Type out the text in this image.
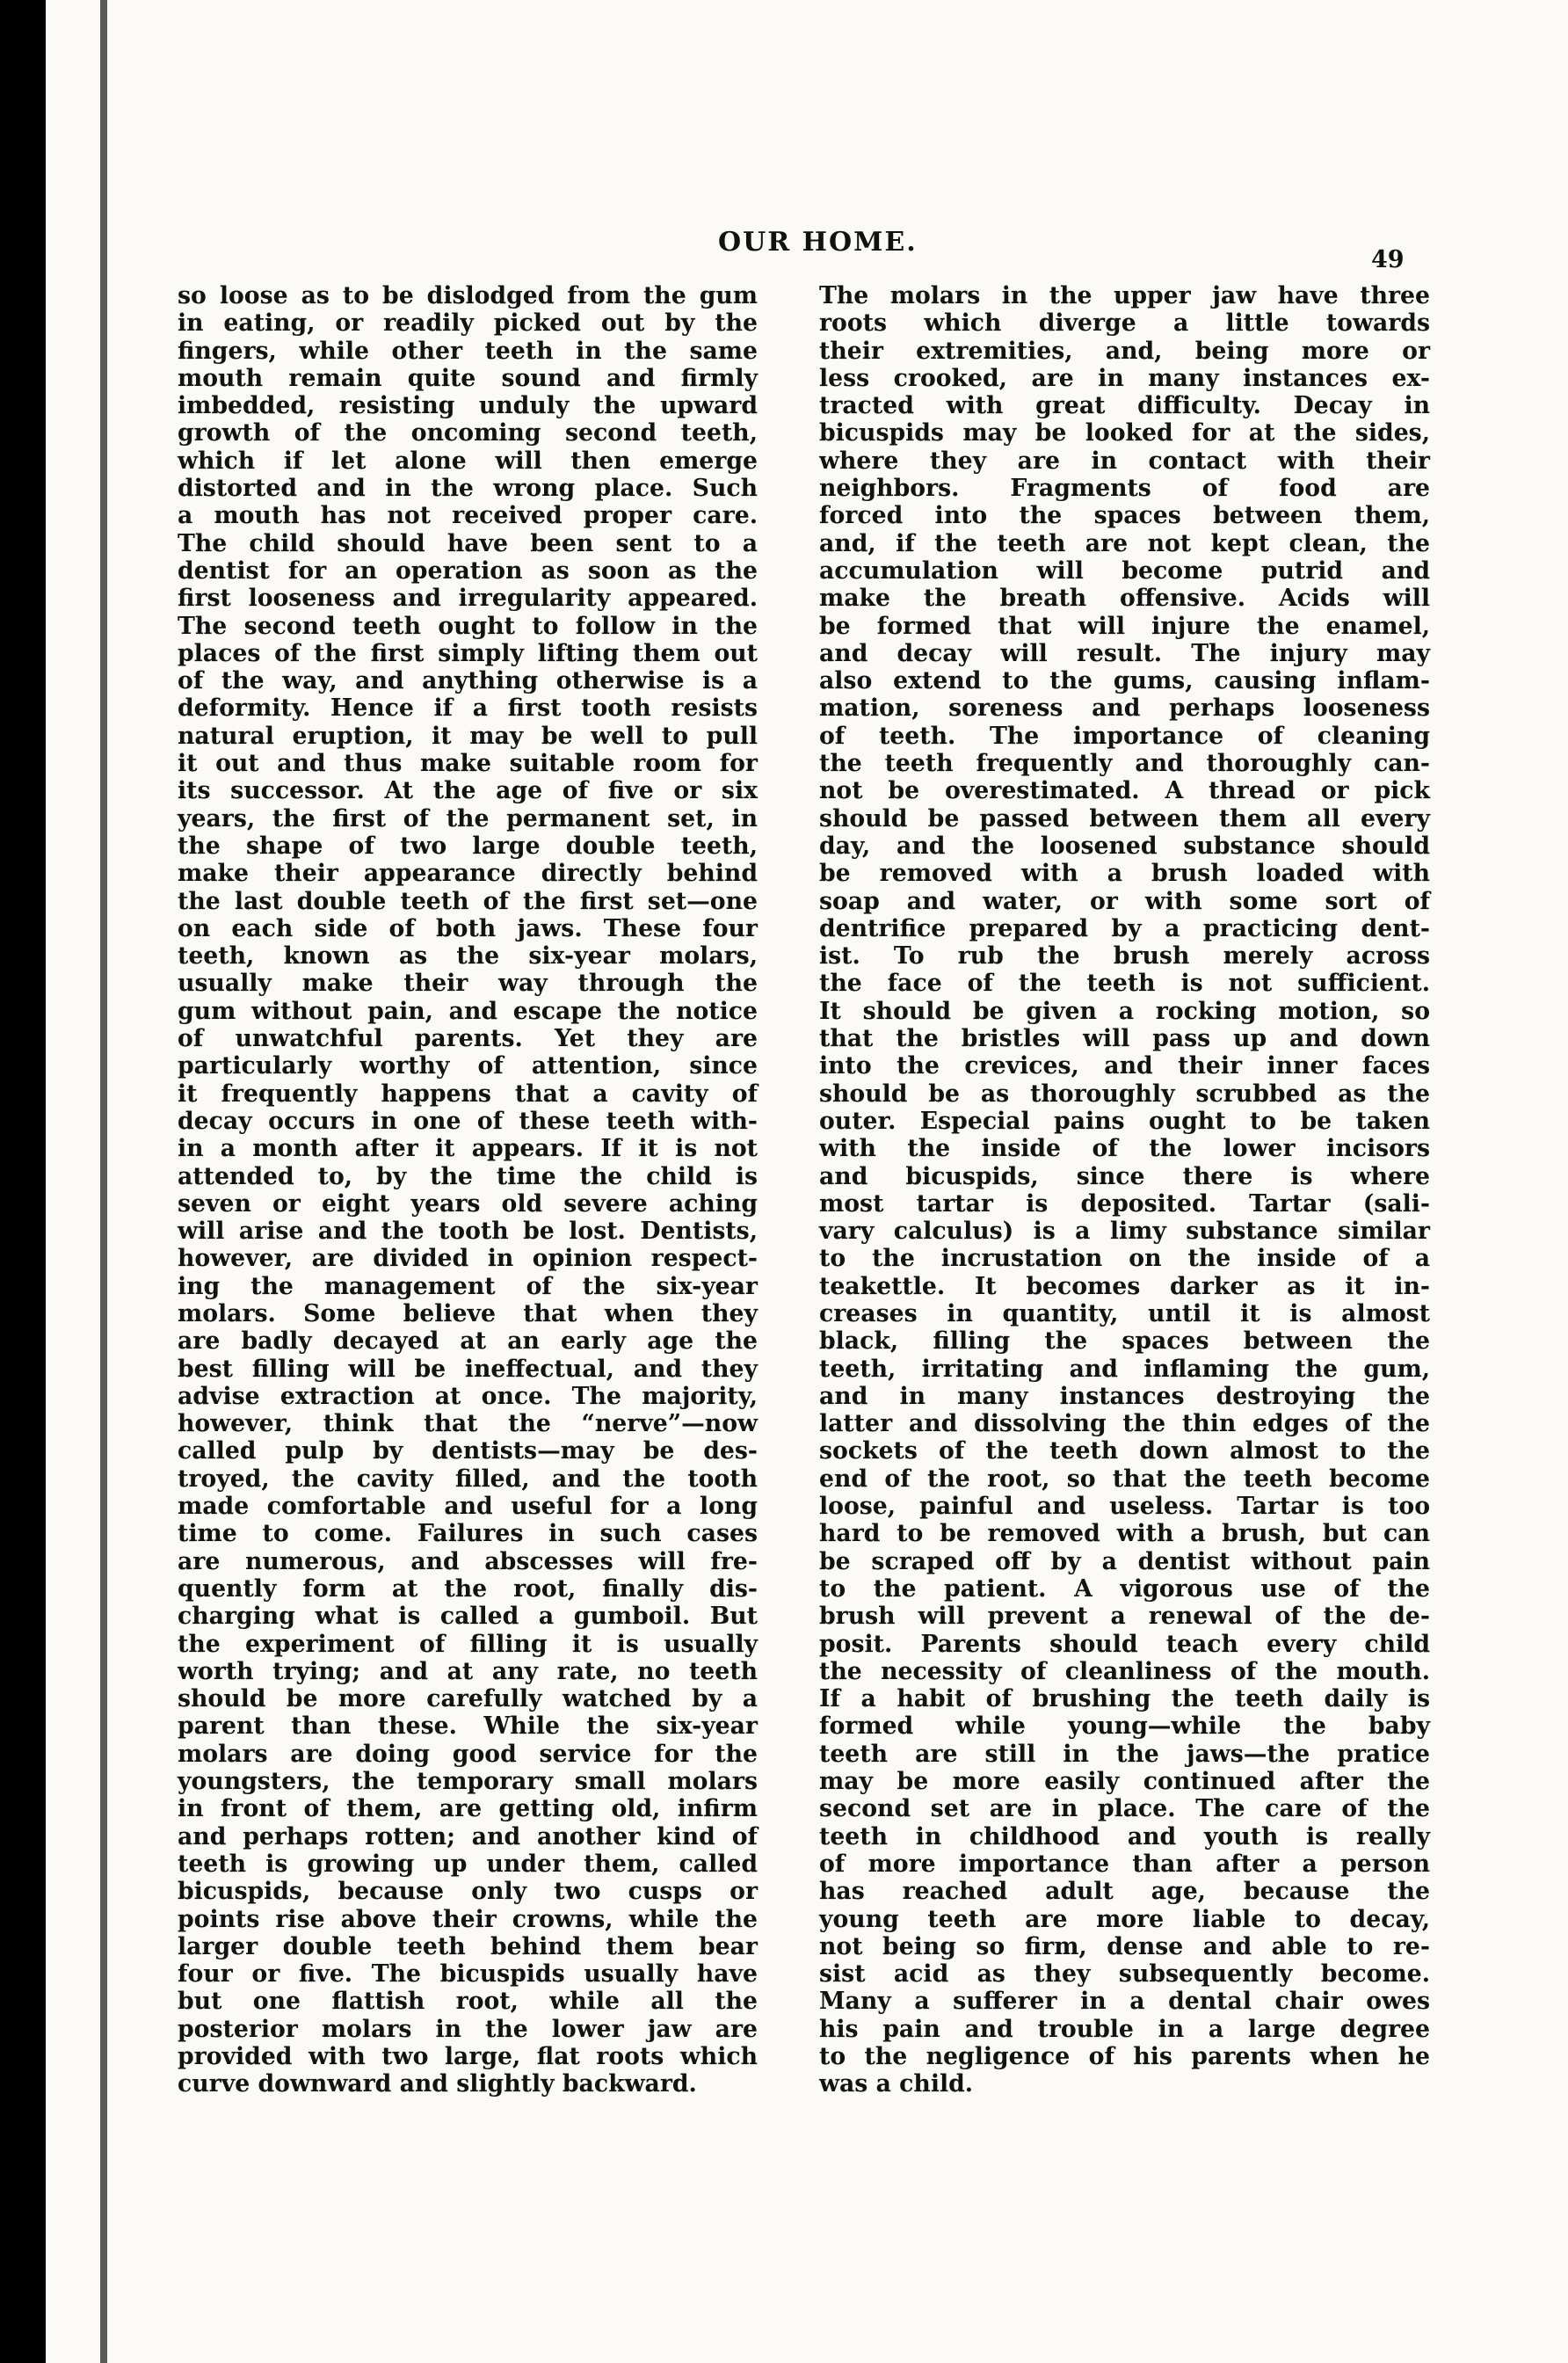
OUR HOME.
49
so loose as to be dislodged from the gum
in eating, or readily picked out by the
fingers, while other teeth in the same
mouth remain quite sound and firmly
imbedded, resisting unduly the upward
growth of the oncoming second teeth,
which if let alone will then emerge
distorted and in the wrong place. Such
a mouth has not received proper care.
The child should have been sent to a
dentist for an operation as soon as the
first looseness and irregularity appeared.
The second teeth ought to follow in the
places of the first simply lifting them out
of the way, and anything otherwise is a
deformity. Hence if a first tooth resists
natural eruption, it may be well to pull
it out and thus make suitable room for
its successor. At the age of five or six
years, the first of the permanent set, in
the shape of two large double teeth,
make their appearance directly behind
the last double teeth of the first set—one
on each side of both jaws. These four
teeth, known as the six-year molars,
usually make their way through the
gum without pain, and escape the notice
of unwatchful parents. Yet they are
particularly worthy of attention, since
it frequently happens that a cavity of
decay occurs in one of these teeth with-
in a month after it appears. If it is not
attended to, by the time the child is
seven or eight years old severe aching
will arise and the tooth be lost. Dentists,
however, are divided in opinion respect-
ing the management of the six-year
molars. Some believe that when they
are badly decayed at an early age the
best filling will be ineffectual, and they
advise extraction at once. The majority,
however, think that the “nerve”—now
called pulp by dentists—may be des-
troyed, the cavity filled, and the tooth
made comfortable and useful for a long
time to come. Failures in such cases
are numerous, and abscesses will fre-
quently form at the root, finally dis-
charging what is called a gumboil. But
the experiment of filling it is usually
worth trying; and at any rate, no teeth
should be more carefully watched by a
parent than these. While the six-year
molars are doing good service for the
youngsters, the temporary small molars
in front of them, are getting old, infirm
and perhaps rotten; and another kind of
teeth is growing up under them, called
bicuspids, because only two cusps or
points rise above their crowns, while the
larger double teeth behind them bear
four or five. The bicuspids usually have
but one flattish root, while all the
posterior molars in the lower jaw are
provided with two large, flat roots which
curve downward and slightly backward.
The molars in the upper jaw have three
roots which diverge a little towards
their extremities, and, being more or
less crooked, are in many instances ex-
tracted with great difficulty. Decay in
bicuspids may be looked for at the sides,
where they are in contact with their
neighbors. Fragments of food are
forced into the spaces between them,
and, if the teeth are not kept clean, the
accumulation will become putrid and
make the breath offensive. Acids will
be formed that will injure the enamel,
and decay will result. The injury may
also extend to the gums, causing inflam-
mation, soreness and perhaps looseness
of teeth. The importance of cleaning
the teeth frequently and thoroughly can-
not be overestimated. A thread or pick
should be passed between them all every
day, and the loosened substance should
be removed with a brush loaded with
soap and water, or with some sort of
dentrifice prepared by a practicing dent-
ist. To rub the brush merely across
the face of the teeth is not sufficient.
It should be given a rocking motion, so
that the bristles will pass up and down
into the crevices, and their inner faces
should be as thoroughly scrubbed as the
outer. Especial pains ought to be taken
with the inside of the lower incisors
and bicuspids, since there is where
most tartar is deposited. Tartar (sali-
vary calculus) is a limy substance similar
to the incrustation on the inside of a
teakettle. It becomes darker as it in-
creases in quantity, until it is almost
black, filling the spaces between the
teeth, irritating and inflaming the gum,
and in many instances destroying the
latter and dissolving the thin edges of the
sockets of the teeth down almost to the
end of the root, so that the teeth become
loose, painful and useless. Tartar is too
hard to be removed with a brush, but can
be scraped off by a dentist without pain
to the patient. A vigorous use of the
brush will prevent a renewal of the de-
posit. Parents should teach every child
the necessity of cleanliness of the mouth.
If a habit of brushing the teeth daily is
formed while young—while the baby
teeth are still in the jaws—the pratice
may be more easily continued after the
second set are in place. The care of the
teeth in childhood and youth is really
of more importance than after a person
has reached adult age, because the
young teeth are more liable to decay,
not being so firm, dense and able to re-
sist acid as they subsequently become.
Many a sufferer in a dental chair owes
his pain and trouble in a large degree
to the negligence of his parents when he
was a child.
